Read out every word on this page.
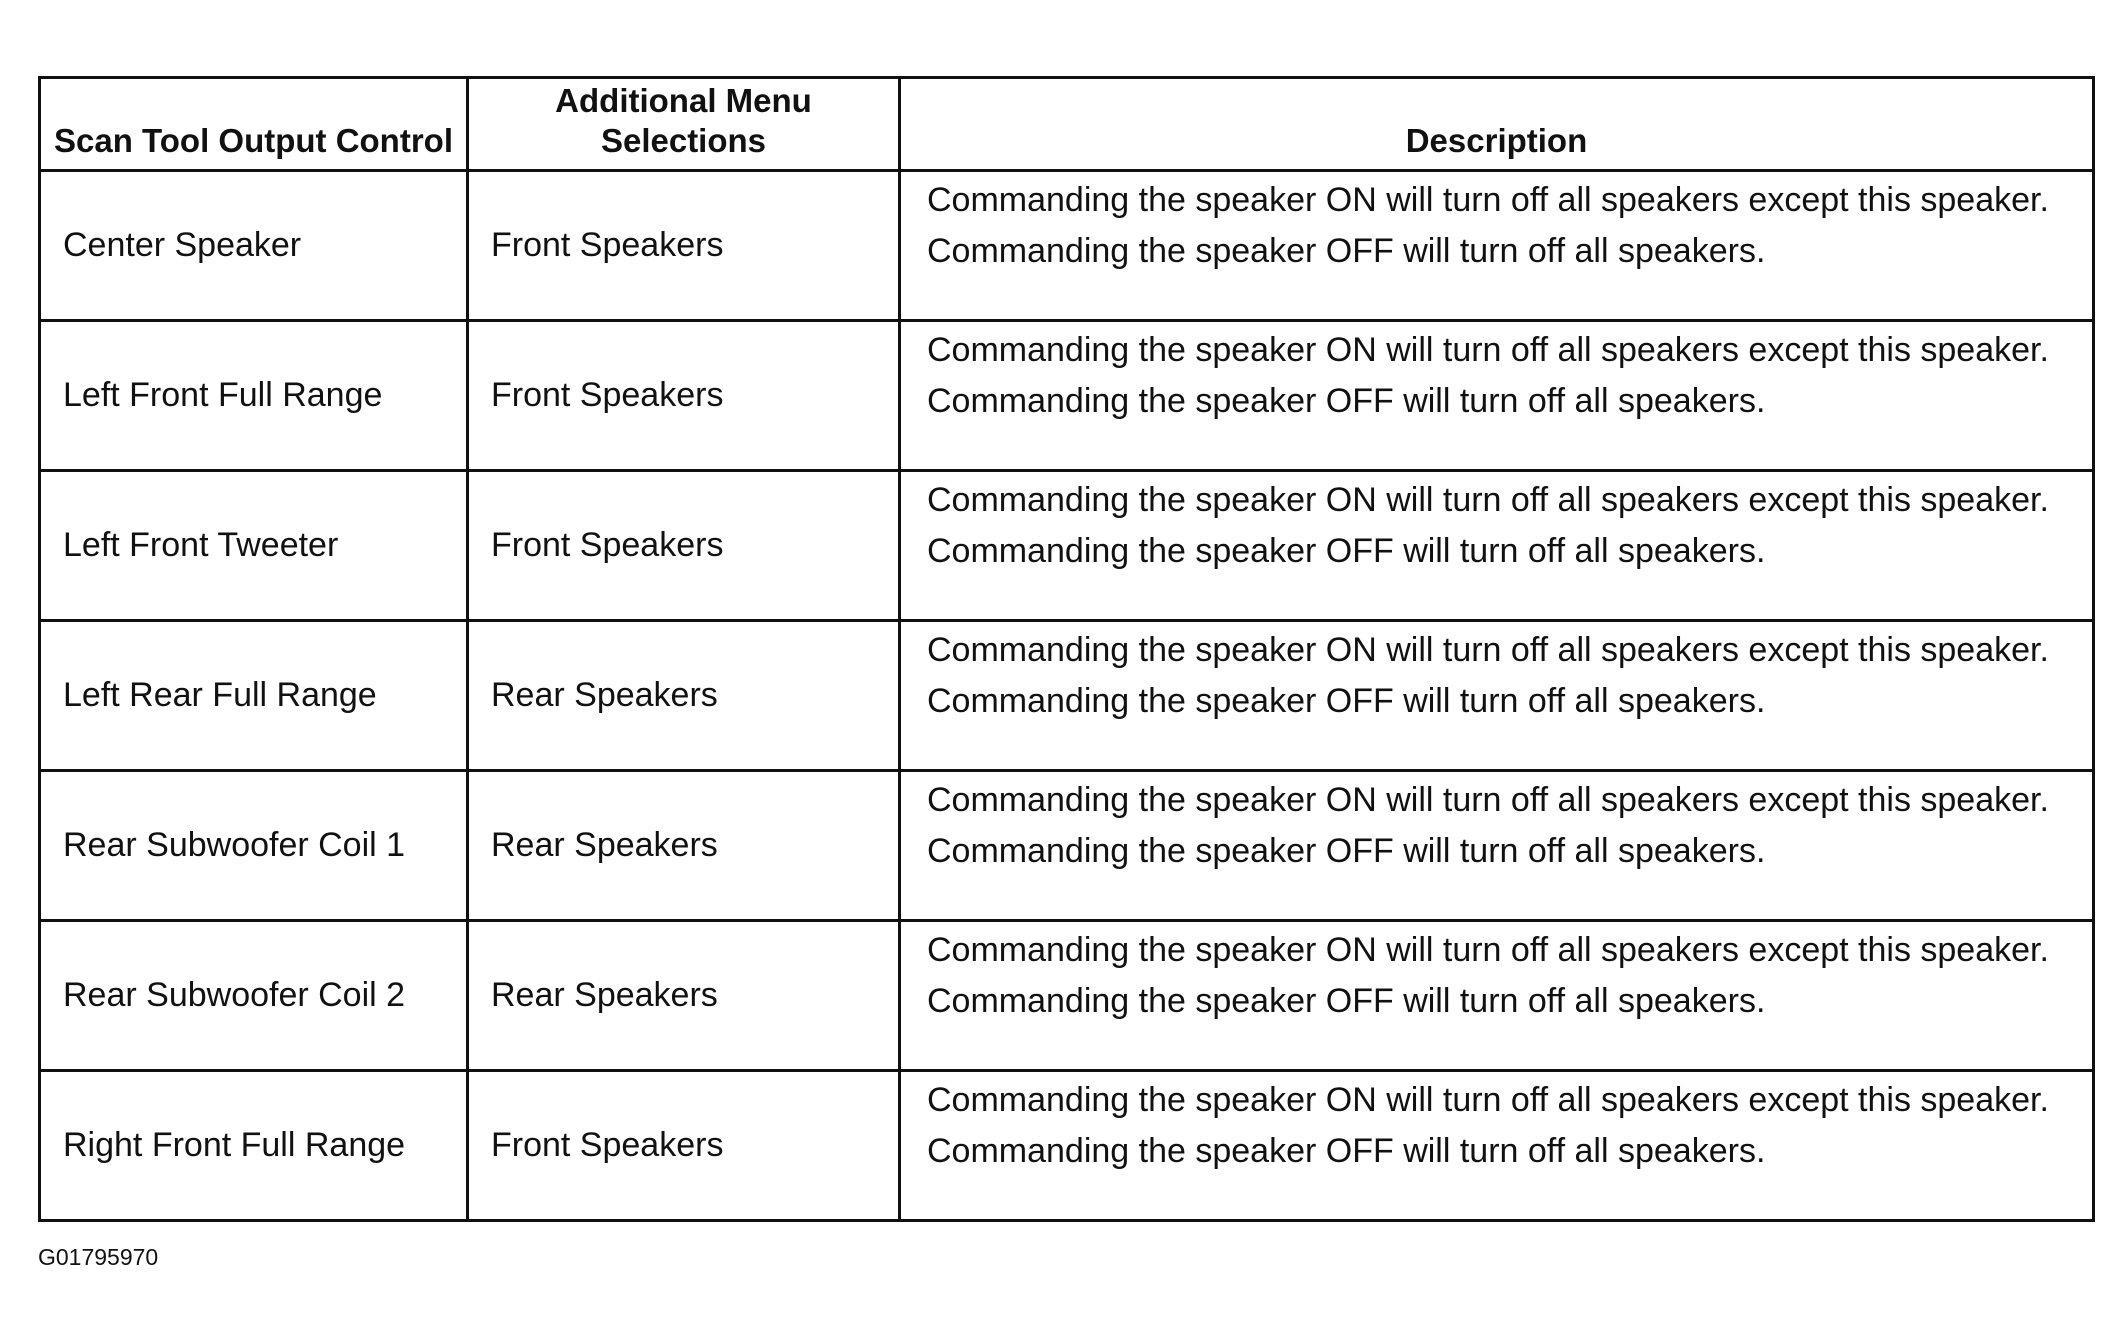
Scan Tool Output Control	Additional Menu Selections	Description
Center Speaker	Front Speakers	Commanding the speaker ON will turn off all speakers except this speaker.
Commanding the speaker OFF will turn off all speakers.

Left Front Full Range	Front Speakers	Commanding the speaker ON will turn off all speakers except this speaker.
Commanding the speaker OFF will turn off all speakers.

Left Front Tweeter	Front Speakers	Commanding the speaker ON will turn off all speakers except this speaker.
Commanding the speaker OFF will turn off all speakers.

Left Rear Full Range	Rear Speakers	Commanding the speaker ON will turn off all speakers except this speaker.
Commanding the speaker OFF will turn off all speakers.

Rear Subwoofer Coil 1	Rear Speakers	Commanding the speaker ON will turn off all speakers except this speaker.
Commanding the speaker OFF will turn off all speakers.

Rear Subwoofer Coil 2	Rear Speakers	Commanding the speaker ON will turn off all speakers except this speaker.
Commanding the speaker OFF will turn off all speakers.

Right Front Full Range	Front Speakers	Commanding the speaker ON will turn off all speakers except this speaker.
Commanding the speaker OFF will turn off all speakers.
G01795970
